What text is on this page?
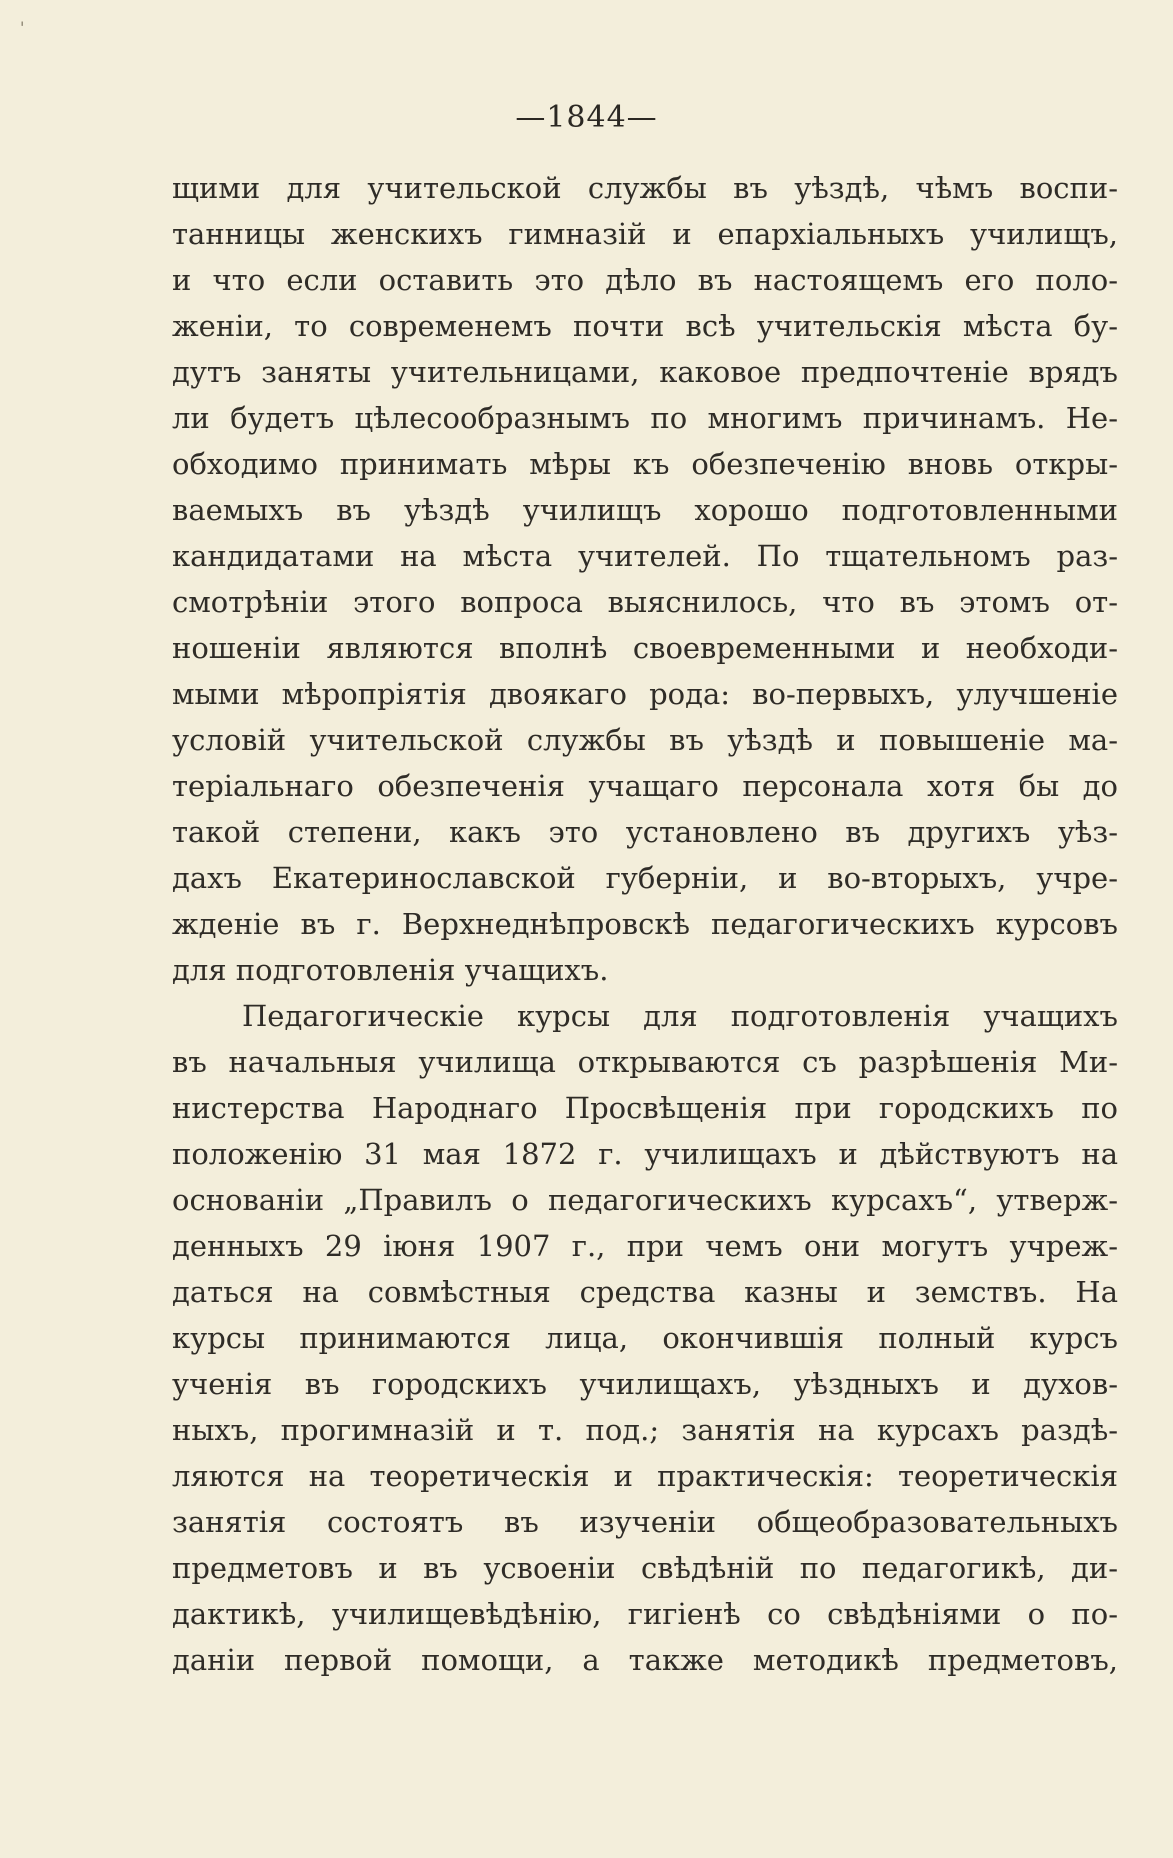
'
—1844—
щими для учительской службы въ уѣздѣ, чѣмъ воспи-
танницы женскихъ гимназій и епархіальныхъ училищъ,
и что если оставить это дѣло въ настоящемъ его поло-
женіи, то современемъ почти всѣ учительскія мѣста бу-
дутъ заняты учительницами, каковое предпочтеніе врядъ
ли будетъ цѣлесообразнымъ по многимъ причинамъ. Не-
обходимо принимать мѣры къ обезпеченію вновь откры-
ваемыхъ въ уѣздѣ училищъ хорошо подготовленными
кандидатами на мѣста учителей. По тщательномъ раз-
смотрѣніи этого вопроса выяснилось, что въ этомъ от-
ношеніи являются вполнѣ своевременными и необходи-
мыми мѣропріятія двоякаго рода: во-первыхъ, улучшеніе
условій учительской службы въ уѣздѣ и повышеніе ма-
теріальнаго обезпеченія учащаго персонала хотя бы до
такой степени, какъ это установлено въ другихъ уѣз-
дахъ Екатеринославской губерніи, и во-вторыхъ, учре-
жденіе въ г. Верхнеднѣпровскѣ педагогическихъ курсовъ
для подготовленія учащихъ.
Педагогическіе курсы для подготовленія учащихъ
въ начальныя училища открываются съ разрѣшенія Ми-
нистерства Народнаго Просвѣщенія при городскихъ по
положенію 31 мая 1872 г. училищахъ и дѣйствуютъ на
основаніи „Правилъ о педагогическихъ курсахъ“, утверж-
денныхъ 29 іюня 1907 г., при чемъ они могутъ учреж-
даться на совмѣстныя средства казны и земствъ. На
курсы принимаются лица, окончившія полный курсъ
ученія въ городскихъ училищахъ, уѣздныхъ и духов-
ныхъ, прогимназій и т. под.; занятія на курсахъ раздѣ-
ляются на теоретическія и практическія: теоретическія
занятія состоятъ въ изученіи общеобразовательныхъ
предметовъ и въ усвоеніи свѣдѣній по педагогикѣ, ди-
дактикѣ, училищевѣдѣнію, гигіенѣ со свѣдѣніями о по-
даніи первой помощи, а также методикѣ предметовъ,
